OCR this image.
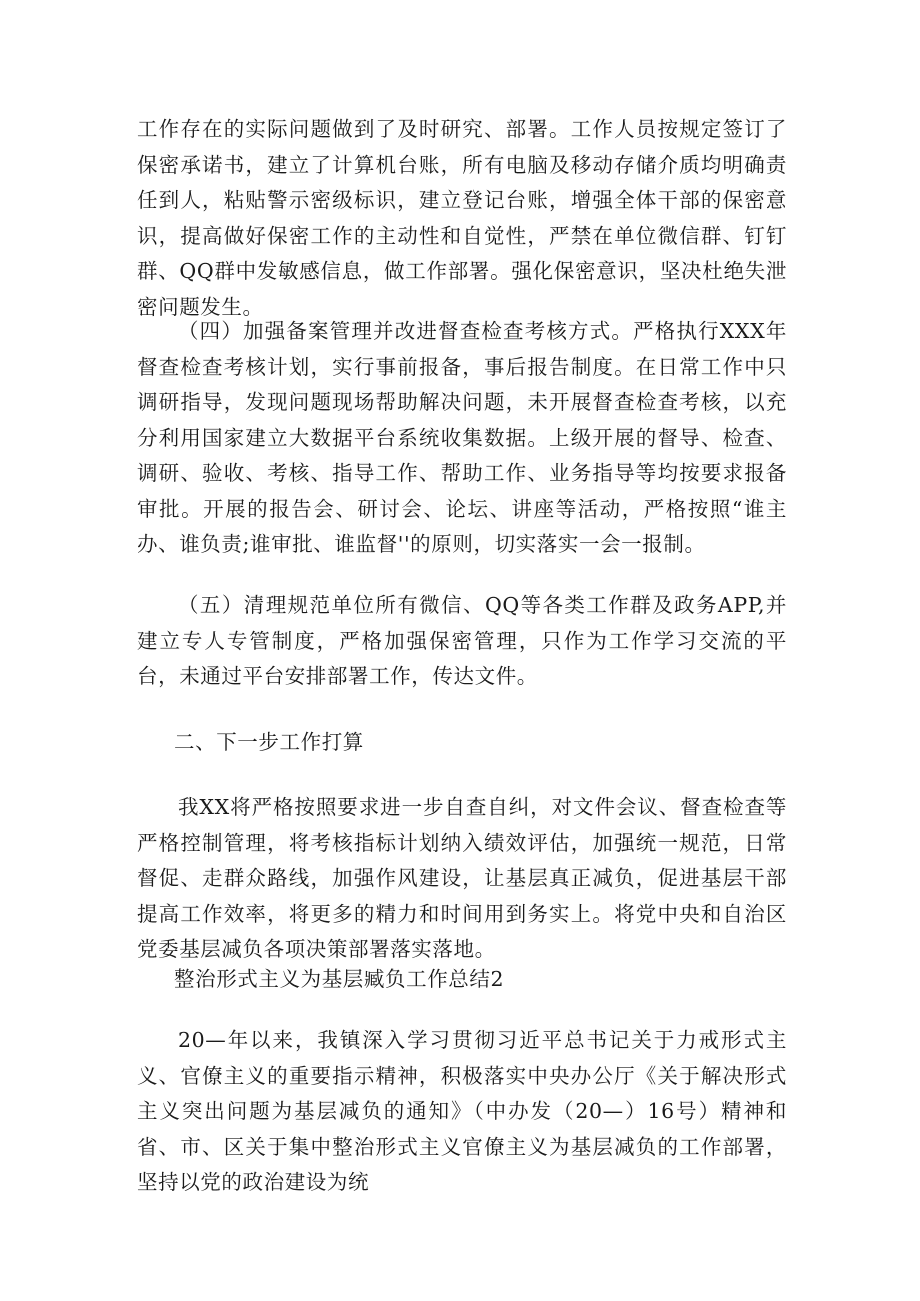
工作存在的实际问题做到了及时研究、部署。工作人员按规定签订了保密承诺书，建立了计算机台账，所有电脑及移动存储介质均明确责任到人，粘贴警示密级标识，建立登记台账，增强全体干部的保密意识，提高做好保密工作的主动性和自觉性，严禁在单位微信群、钉钉群、QQ群中发敏感信息，做工作部署。强化保密意识，坚决杜绝失泄密问题发生。

（四）加强备案管理并改进督查检查考核方式。严格执行XXX年督查检查考核计划，实行事前报备，事后报告制度。在日常工作中只调研指导，发现问题现场帮助解决问题，未开展督查检查考核，以充分利用国家建立大数据平台系统收集数据。上级开展的督导、检查、调研、验收、考核、指导工作、帮助工作、业务指导等均按要求报备审批。开展的报告会、研讨会、论坛、讲座等活动，严格按照“谁主办、谁负责;谁审批、谁监督''的原则，切实落实一会一报制。

（五）清理规范单位所有微信、QQ等各类工作群及政务APP,并建立专人专管制度，严格加强保密管理，只作为工作学习交流的平台，未通过平台安排部署工作，传达文件。

二、下一步工作打算

我XX将严格按照要求进一步自查自纠，对文件会议、督查检查等严格控制管理，将考核指标计划纳入绩效评估，加强统一规范，日常督促、走群众路线，加强作风建设，让基层真正减负，促进基层干部提高工作效率，将更多的精力和时间用到务实上。将党中央和自治区党委基层减负各项决策部署落实落地。

整治形式主义为基层臧负工作总结2

20—年以来，我镇深入学习贯彻习近平总书记关于力戒形式主义、官僚主义的重要指示精神，积极落实中央办公厅《关于解决形式主义突出问题为基层减负的通知》（中办发（20—）16号）精神和省、市、区关于集中整治形式主义官僚主义为基层减负的工作部署，坚持以党的政治建设为统
